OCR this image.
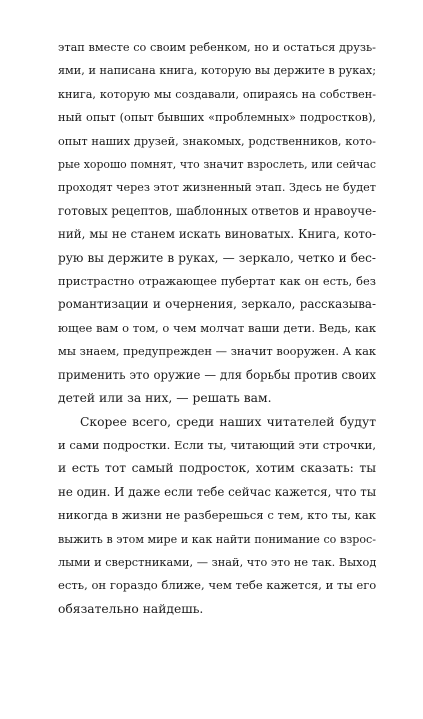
этап вместе со своим ребенком, но и остаться друзь-
ями, и написана книга, которую вы держите в руках;
книга, которую мы создавали, опираясь на собствен-
ный опыт (опыт бывших «проблемных» подростков),
опыт наших друзей, знакомых, родственников, кото-
рые хорошо помнят, что значит взрослеть, или сейчас
проходят через этот жизненный этап. Здесь не будет
готовых рецептов, шаблонных ответов и нравоуче-
ний, мы не станем искать виноватых. Книга, кото-
рую вы держите в руках, — зеркало, четко и бес-
пристрастно отражающее пубертат как он есть, без
романтизации и очернения, зеркало, рассказыва-
ющее вам о том, о чем молчат ваши дети. Ведь, как
мы знаем, предупрежден — значит вооружен. А как
применить это оружие — для борьбы против своих
детей или за них, — решать вам.
Скорее всего, среди наших читателей будут
и сами подростки. Если ты, читающий эти строчки,
и есть тот самый подросток, хотим сказать: ты
не один. И даже если тебе сейчас кажется, что ты
никогда в жизни не разберешься с тем, кто ты, как
выжить в этом мире и как найти понимание со взрос-
лыми и сверстниками, — знай, что это не так. Выход
есть, он гораздо ближе, чем тебе кажется, и ты его
обязательно найдешь.
